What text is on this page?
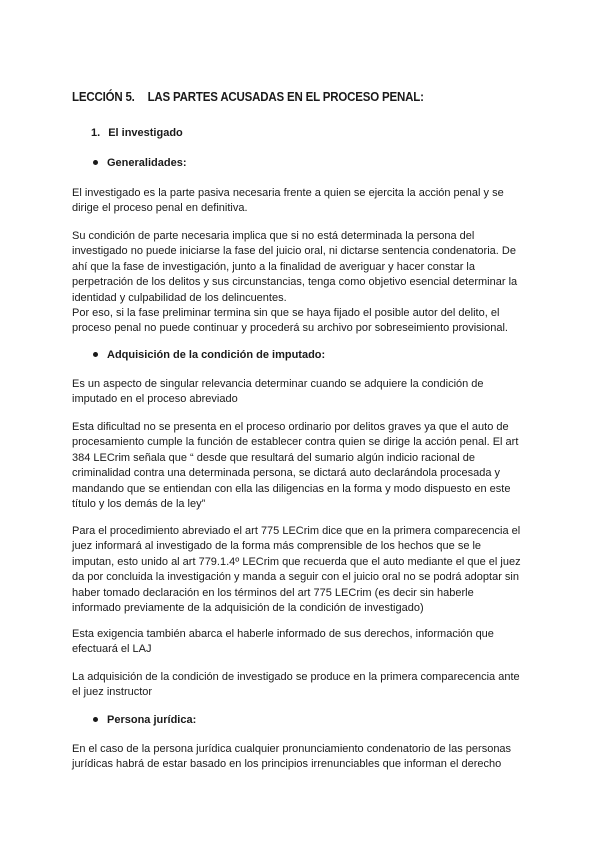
LECCIÓN 5. LAS PARTES ACUSADAS EN EL PROCESO PENAL:
1. El investigado
Generalidades:

El investigado es la parte pasiva necesaria frente a quien se ejercita la acción penal y se
dirige el proceso penal en definitiva.

Su condición de parte necesaria implica que si no está determinada la persona del
investigado no puede iniciarse la fase del juicio oral, ni dictarse sentencia condenatoria. De
ahí que la fase de investigación, junto a la finalidad de averiguar y hacer constar la
perpetración de los delitos y sus circunstancias, tenga como objetivo esencial determinar la
identidad y culpabilidad de los delincuentes.
Por eso, si la fase preliminar termina sin que se haya fijado el posible autor del delito, el
proceso penal no puede continuar y procederá su archivo por sobreseimiento provisional.

Adquisición de la condición de imputado:

Es un aspecto de singular relevancia determinar cuando se adquiere la condición de
imputado en el proceso abreviado

Esta dificultad no se presenta en el proceso ordinario por delitos graves ya que el auto de
procesamiento cumple la función de establecer contra quien se dirige la acción penal. El art
384 LECrim señala que “ desde que resultará del sumario algún indicio racional de
criminalidad contra una determinada persona, se dictará auto declarándola procesada y
mandando que se entiendan con ella las diligencias en la forma y modo dispuesto en este
título y los demás de la ley”

Para el procedimiento abreviado el art 775 LECrim dice que en la primera comparecencia el
juez informará al investigado de la forma más comprensible de los hechos que se le
imputan, esto unido al art 779.1.4º LECrim que recuerda que el auto mediante el que el juez
da por concluida la investigación y manda a seguir con el juicio oral no se podrá adoptar sin
haber tomado declaración en los términos del art 775 LECrim (es decir sin haberle
informado previamente de la adquisición de la condición de investigado)

Esta exigencia también abarca el haberle informado de sus derechos, información que
efectuará el LAJ

La adquisición de la condición de investigado se produce en la primera comparecencia ante
el juez instructor

Persona jurídica:

En el caso de la persona jurídica cualquier pronunciamiento condenatorio de las personas
jurídicas habrá de estar basado en los principios irrenunciables que informan el derecho
